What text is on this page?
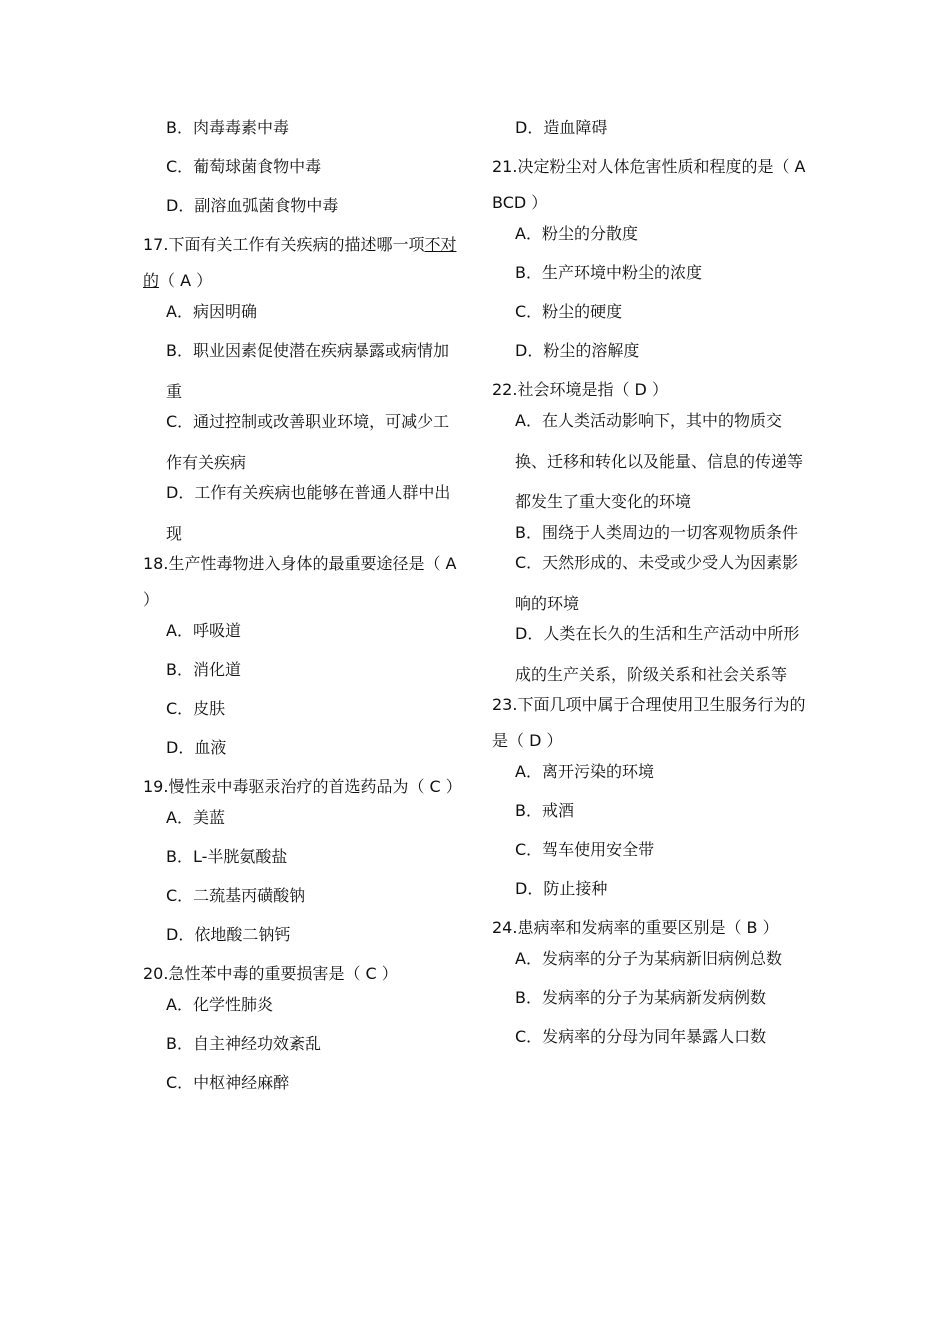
B．肉毒毒素中毒

C．葡萄球菌食物中毒

D．副溶血弧菌食物中毒

17.下面有关工作有关疾病的描述哪一项不对的（ A ）

A．病因明确

B．职业因素促使潜在疾病暴露或病情加重

C．通过控制或改善职业环境，可减少工作有关疾病

D．工作有关疾病也能够在普通人群中出现

18.生产性毒物进入身体的最重要途径是（ A ）

A．呼吸道

B．消化道

C．皮肤

D．血液

19.慢性汞中毒驱汞治疗的首选药品为（ C ）

A．美蓝

B．L-半胱氨酸盐

C．二巯基丙磺酸钠

D．依地酸二钠钙

20.急性苯中毒的重要损害是（ C ）

A．化学性肺炎

B．自主神经功效紊乱

C．中枢神经麻醉

D．造血障碍

21.决定粉尘对人体危害性质和程度的是（ ABCD ）

A．粉尘的分散度

B．生产环境中粉尘的浓度

C．粉尘的硬度

D．粉尘的溶解度

22.社会环境是指（ D ）

A．在人类活动影响下，其中的物质交换、迁移和转化以及能量、信息的传递等都发生了重大变化的环境

B．围绕于人类周边的一切客观物质条件

C．天然形成的、未受或少受人为因素影响的环境

D．人类在长久的生活和生产活动中所形成的生产关系，阶级关系和社会关系等

23.下面几项中属于合理使用卫生服务行为的是（ D ）

A．离开污染的环境

B．戒酒

C．驾车使用安全带

D．防止接种

24.患病率和发病率的重要区别是（ B ）

A．发病率的分子为某病新旧病例总数

B．发病率的分子为某病新发病例数

C．发病率的分母为同年暴露人口数
